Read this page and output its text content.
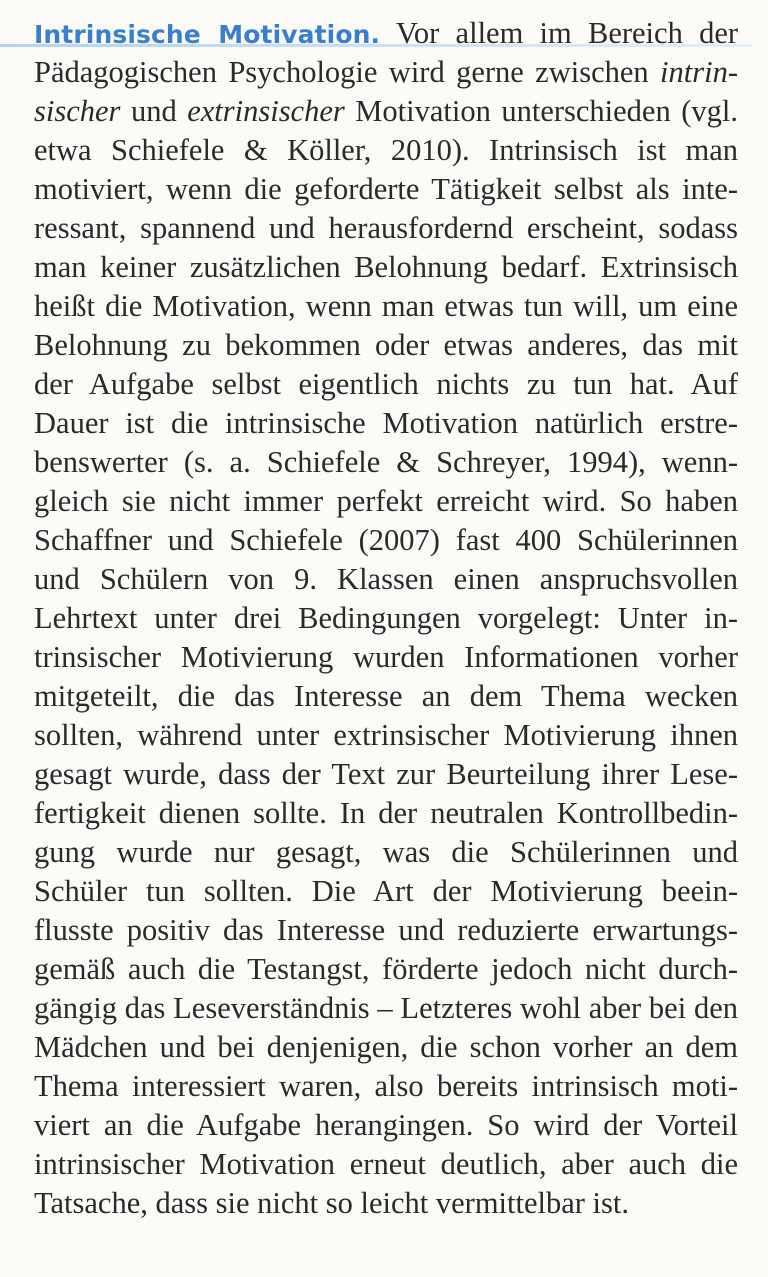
Intrinsische Motivation. Vor allem im Bereich der
Pädagogischen Psychologie wird gerne zwischen intrin-
sischer und extrinsischer Motivation unterschieden (vgl.
etwa Schiefele & Köller, 2010). Intrinsisch ist man
motiviert, wenn die geforderte Tätigkeit selbst als inte-
ressant, spannend und herausfordernd erscheint, sodass
man keiner zusätzlichen Belohnung bedarf. Extrinsisch
heißt die Motivation, wenn man etwas tun will, um eine
Belohnung zu bekommen oder etwas anderes, das mit
der Aufgabe selbst eigentlich nichts zu tun hat. Auf
Dauer ist die intrinsische Motivation natürlich erstre-
benswerter (s. a. Schiefele & Schreyer, 1994), wenn-
gleich sie nicht immer perfekt erreicht wird. So haben
Schaffner und Schiefele (2007) fast 400 Schülerinnen
und Schülern von 9. Klassen einen anspruchsvollen
Lehrtext unter drei Bedingungen vorgelegt: Unter in-
trinsischer Motivierung wurden Informationen vorher
mitgeteilt, die das Interesse an dem Thema wecken
sollten, während unter extrinsischer Motivierung ihnen
gesagt wurde, dass der Text zur Beurteilung ihrer Lese-
fertigkeit dienen sollte. In der neutralen Kontrollbedin-
gung wurde nur gesagt, was die Schülerinnen und
Schüler tun sollten. Die Art der Motivierung beein-
flusste positiv das Interesse und reduzierte erwartungs-
gemäß auch die Testangst, förderte jedoch nicht durch-
gängig das Leseverständnis – Letzteres wohl aber bei den
Mädchen und bei denjenigen, die schon vorher an dem
Thema interessiert waren, also bereits intrinsisch moti-
viert an die Aufgabe herangingen. So wird der Vorteil
intrinsischer Motivation erneut deutlich, aber auch die
Tatsache, dass sie nicht so leicht vermittelbar ist.
